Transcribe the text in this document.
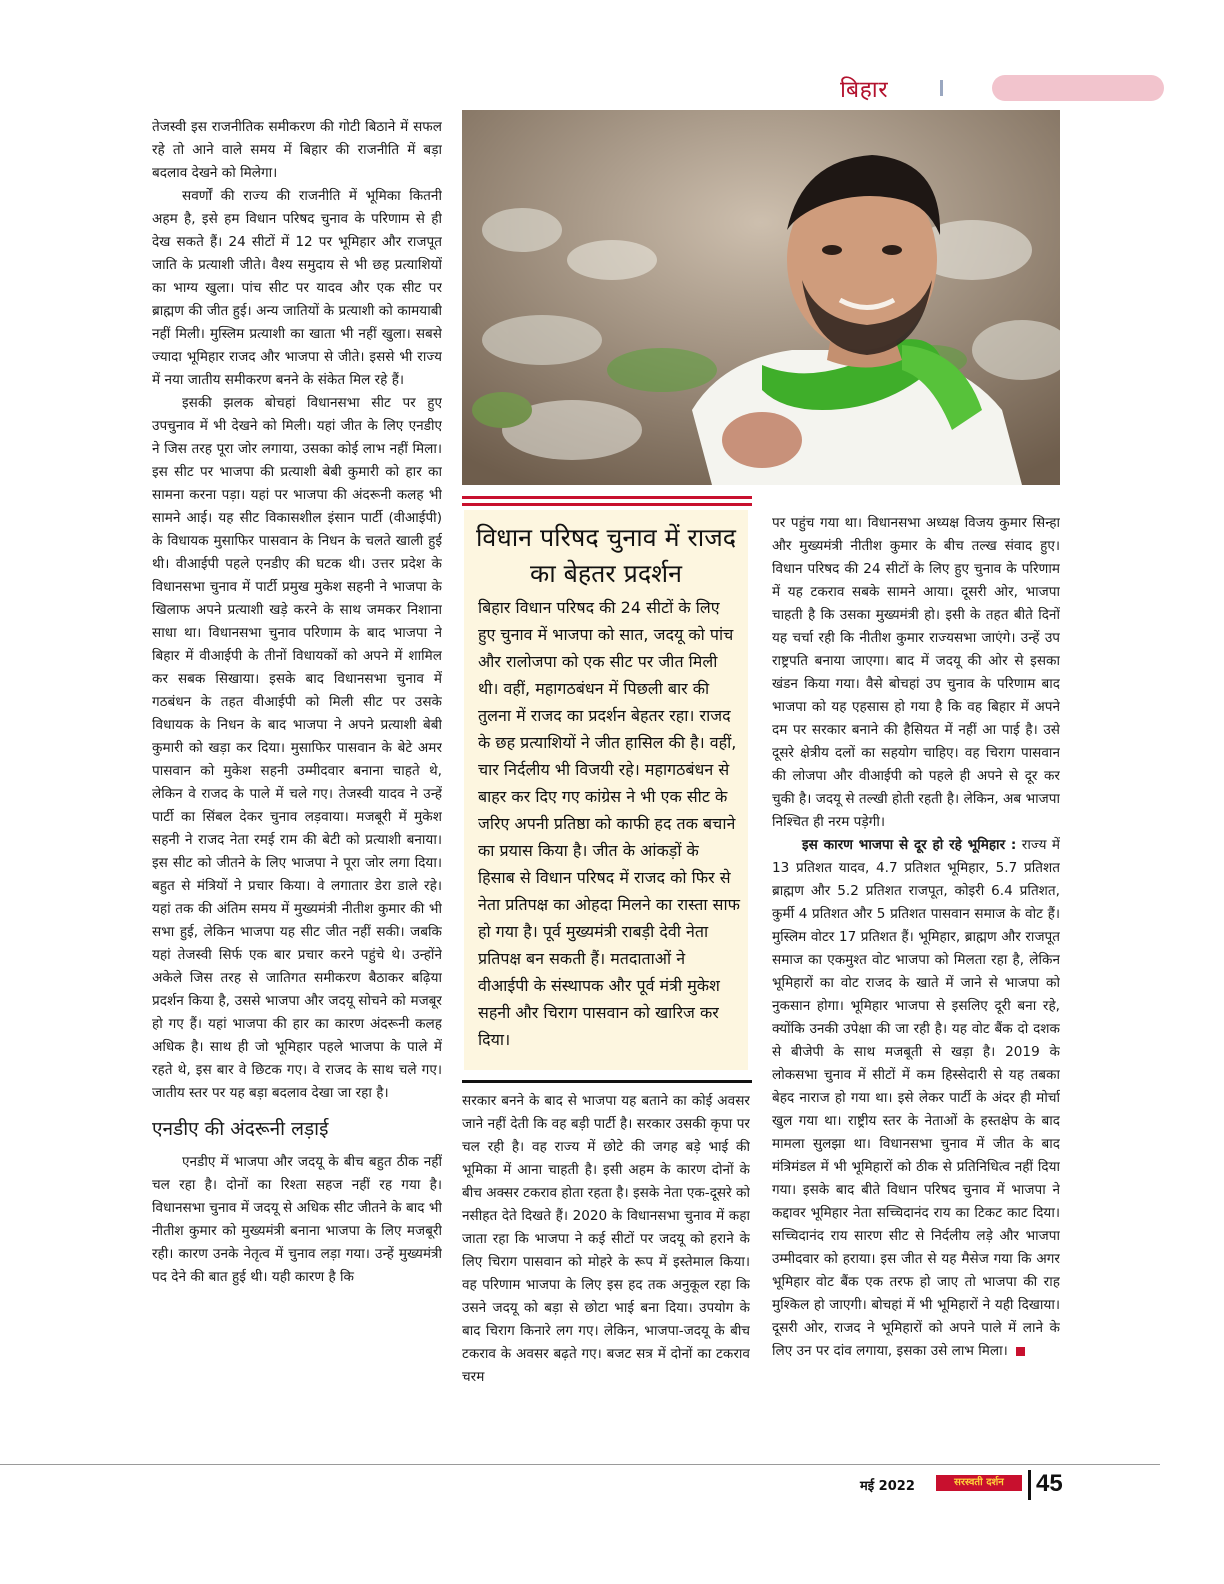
बिहार

तेजस्वी इस राजनीतिक समीकरण की गोटी बिठाने में सफल रहे तो आने वाले समय में बिहार की राजनीति में बड़ा बदलाव देखने को मिलेगा।

सवर्णों की राज्य की राजनीति में भूमिका कितनी अहम है, इसे हम विधान परिषद चुनाव के परिणाम से ही देख सकते हैं। 24 सीटों में 12 पर भूमिहार और राजपूत जाति के प्रत्याशी जीते। वैश्य समुदाय से भी छह प्रत्याशियों का भाग्य खुला। पांच सीट पर यादव और एक सीट पर ब्राह्मण की जीत हुई। अन्य जातियों के प्रत्याशी को कामयाबी नहीं मिली। मुस्लिम प्रत्याशी का खाता भी नहीं खुला। सबसे ज्यादा भूमिहार राजद और भाजपा से जीते। इससे भी राज्य में नया जातीय समीकरण बनने के संकेत मिल रहे हैं।

इसकी झलक बोचहां विधानसभा सीट पर हुए उपचुनाव में भी देखने को मिली। यहां जीत के लिए एनडीए ने जिस तरह पूरा जोर लगाया, उसका कोई लाभ नहीं मिला। इस सीट पर भाजपा की प्रत्याशी बेबी कुमारी को हार का सामना करना पड़ा। यहां पर भाजपा की अंदरूनी कलह भी सामने आई। यह सीट विकासशील इंसान पार्टी (वीआईपी) के विधायक मुसाफिर पासवान के निधन के चलते खाली हुई थी। वीआईपी पहले एनडीए की घटक थी। उत्तर प्रदेश के विधानसभा चुनाव में पार्टी प्रमुख मुकेश सहनी ने भाजपा के खिलाफ अपने प्रत्याशी खड़े करने के साथ जमकर निशाना साधा था। विधानसभा चुनाव परिणाम के बाद भाजपा ने बिहार में वीआईपी के तीनों विधायकों को अपने में शामिल कर सबक सिखाया। इसके बाद विधानसभा चुनाव में गठबंधन के तहत वीआईपी को मिली सीट पर उसके विधायक के निधन के बाद भाजपा ने अपने प्रत्याशी बेबी कुमारी को खड़ा कर दिया। मुसाफिर पासवान के बेटे अमर पासवान को मुकेश सहनी उम्मीदवार बनाना चाहते थे, लेकिन वे राजद के पाले में चले गए। तेजस्वी यादव ने उन्हें पार्टी का सिंबल देकर चुनाव लड़वाया। मजबूरी में मुकेश सहनी ने राजद नेता रमई राम की बेटी को प्रत्याशी बनाया। इस सीट को जीतने के लिए भाजपा ने पूरा जोर लगा दिया। बहुत से मंत्रियों ने प्रचार किया। वे लगातार डेरा डाले रहे। यहां तक की अंतिम समय में मुख्यमंत्री नीतीश कुमार की भी सभा हुई, लेकिन भाजपा यह सीट जीत नहीं सकी। जबकि यहां तेजस्वी सिर्फ एक बार प्रचार करने पहुंचे थे। उन्होंने अकेले जिस तरह से जातिगत समीकरण बैठाकर बढ़िया प्रदर्शन किया है, उससे भाजपा और जदयू सोचने को मजबूर हो गए हैं। यहां भाजपा की हार का कारण अंदरूनी कलह अधिक है। साथ ही जो भूमिहार पहले भाजपा के पाले में रहते थे, इस बार वे छिटक गए। वे राजद के साथ चले गए। जातीय स्तर पर यह बड़ा बदलाव देखा जा रहा है।

एनडीए की अंदरूनी लड़ाई

एनडीए में भाजपा और जदयू के बीच बहुत ठीक नहीं चल रहा है। दोनों का रिश्ता सहज नहीं रह गया है। विधानसभा चुनाव में जदयू से अधिक सीट जीतने के बाद भी नीतीश कुमार को मुख्यमंत्री बनाना भाजपा के लिए मजबूरी रही। कारण उनके नेतृत्व में चुनाव लड़ा गया। उन्हें मुख्यमंत्री पद देने की बात हुई थी। यही कारण है कि

विधान परिषद चुनाव में राजद का बेहतर प्रदर्शन
बिहार विधान परिषद की 24 सीटों के लिए हुए चुनाव में भाजपा को सात, जदयू को पांच और रालोजपा को एक सीट पर जीत मिली थी। वहीं, महागठबंधन में पिछली बार की तुलना में राजद का प्रदर्शन बेहतर रहा। राजद के छह प्रत्याशियों ने जीत हासिल की है। वहीं, चार निर्दलीय भी विजयी रहे। महागठबंधन से बाहर कर दिए गए कांग्रेस ने भी एक सीट के जरिए अपनी प्रतिष्ठा को काफी हद तक बचाने का प्रयास किया है। जीत के आंकड़ों के हिसाब से विधान परिषद में राजद को फिर से नेता प्रतिपक्ष का ओहदा मिलने का रास्ता साफ हो गया है। पूर्व मुख्यमंत्री राबड़ी देवी नेता प्रतिपक्ष बन सकती हैं। मतदाताओं ने वीआईपी के संस्थापक और पूर्व मंत्री मुकेश सहनी और चिराग पासवान को खारिज कर दिया।

सरकार बनने के बाद से भाजपा यह बताने का कोई अवसर जाने नहीं देती कि वह बड़ी पार्टी है। सरकार उसकी कृपा पर चल रही है। वह राज्य में छोटे की जगह बड़े भाई की भूमिका में आना चाहती है। इसी अहम के कारण दोनों के बीच अक्सर टकराव होता रहता है। इसके नेता एक-दूसरे को नसीहत देते दिखते हैं। 2020 के विधानसभा चुनाव में कहा जाता रहा कि भाजपा ने कई सीटों पर जदयू को हराने के लिए चिराग पासवान को मोहरे के रूप में इस्तेमाल किया। वह परिणाम भाजपा के लिए इस हद तक अनुकूल रहा कि उसने जदयू को बड़ा से छोटा भाई बना दिया। उपयोग के बाद चिराग किनारे लग गए। लेकिन, भाजपा-जदयू के बीच टकराव के अवसर बढ़ते गए। बजट सत्र में दोनों का टकराव चरम

पर पहुंच गया था। विधानसभा अध्यक्ष विजय कुमार सिन्हा और मुख्यमंत्री नीतीश कुमार के बीच तल्ख संवाद हुए। विधान परिषद की 24 सीटों के लिए हुए चुनाव के परिणाम में यह टकराव सबके सामने आया। दूसरी ओर, भाजपा चाहती है कि उसका मुख्यमंत्री हो। इसी के तहत बीते दिनों यह चर्चा रही कि नीतीश कुमार राज्यसभा जाएंगे। उन्हें उप राष्ट्रपति बनाया जाएगा। बाद में जदयू की ओर से इसका खंडन किया गया। वैसे बोचहां उप चुनाव के परिणाम बाद भाजपा को यह एहसास हो गया है कि वह बिहार में अपने दम पर सरकार बनाने की हैसियत में नहीं आ पाई है। उसे दूसरे क्षेत्रीय दलों का सहयोग चाहिए। वह चिराग पासवान की लोजपा और वीआईपी को पहले ही अपने से दूर कर चुकी है। जदयू से तल्खी होती रहती है। लेकिन, अब भाजपा निश्चित ही नरम पड़ेगी।

इस कारण भाजपा से दूर हो रहे भूमिहार : राज्य में 13 प्रतिशत यादव, 4.7 प्रतिशत भूमिहार, 5.7 प्रतिशत ब्राह्मण और 5.2 प्रतिशत राजपूत, कोइरी 6.4 प्रतिशत, कुर्मी 4 प्रतिशत और 5 प्रतिशत पासवान समाज के वोट हैं। मुस्लिम वोटर 17 प्रतिशत हैं। भूमिहार, ब्राह्मण और राजपूत समाज का एकमुश्त वोट भाजपा को मिलता रहा है, लेकिन भूमिहारों का वोट राजद के खाते में जाने से भाजपा को नुकसान होगा। भूमिहार भाजपा से इसलिए दूरी बना रहे, क्योंकि उनकी उपेक्षा की जा रही है। यह वोट बैंक दो दशक से बीजेपी के साथ मजबूती से खड़ा है। 2019 के लोकसभा चुनाव में सीटों में कम हिस्सेदारी से यह तबका बेहद नाराज हो गया था। इसे लेकर पार्टी के अंदर ही मोर्चा खुल गया था। राष्ट्रीय स्तर के नेताओं के हस्तक्षेप के बाद मामला सुलझा था। विधानसभा चुनाव में जीत के बाद मंत्रिमंडल में भी भूमिहारों को ठीक से प्रतिनिधित्व नहीं दिया गया। इसके बाद बीते विधान परिषद चुनाव में भाजपा ने कद्दावर भूमिहार नेता सच्चिदानंद राय का टिकट काट दिया। सच्चिदानंद राय सारण सीट से निर्दलीय लड़े और भाजपा उम्मीदवार को हराया। इस जीत से यह मैसेज गया कि अगर भूमिहार वोट बैंक एक तरफ हो जाए तो भाजपा की राह मुश्किल हो जाएगी। बोचहां में भी भूमिहारों ने यही दिखाया। दूसरी ओर, राजद ने भूमिहारों को अपने पाले में लाने के लिए उन पर दांव लगाया, इसका उसे लाभ मिला।

मई 2022	सरस्वती दर्शन	45
